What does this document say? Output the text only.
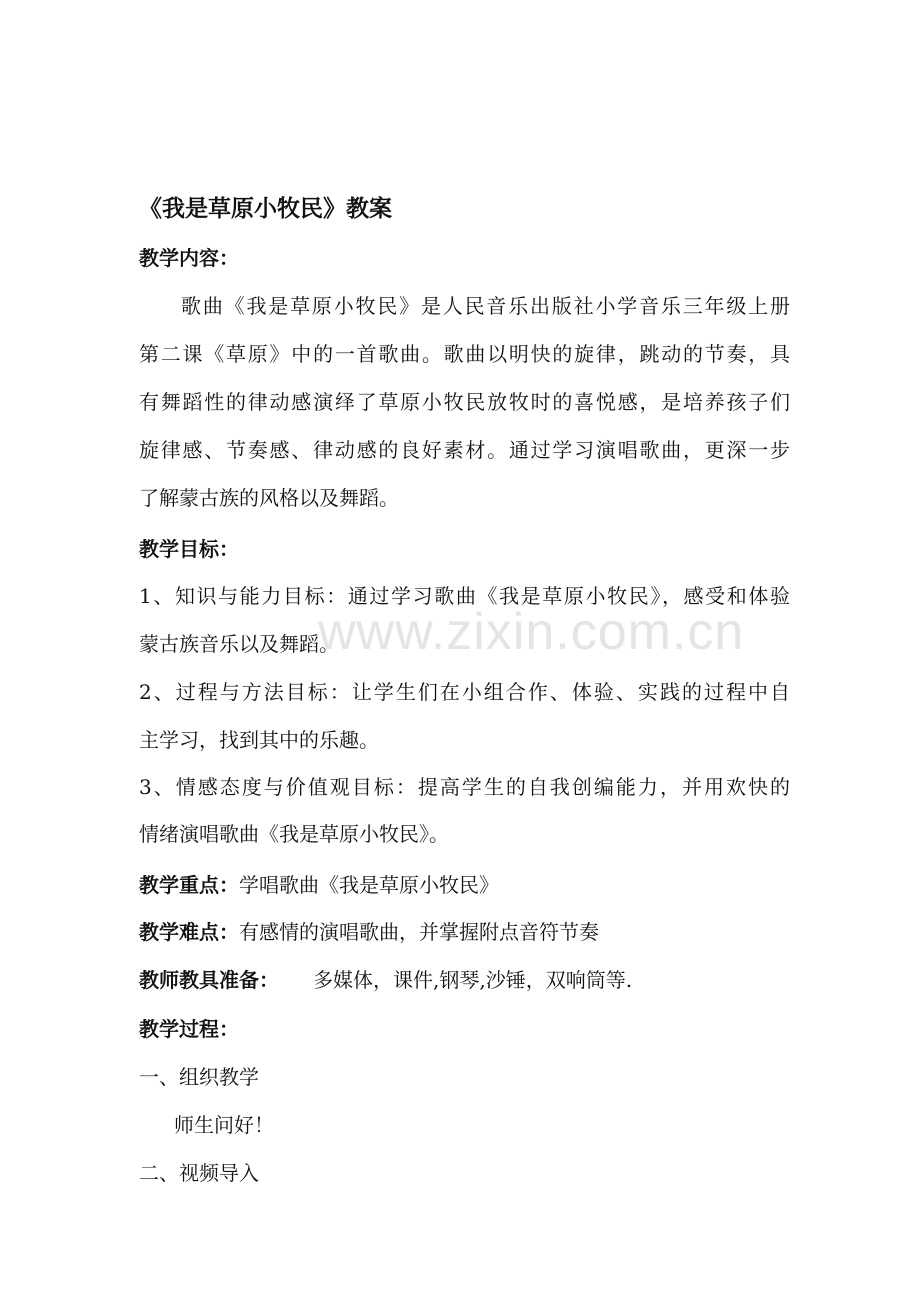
www.zixin.com.cn
《我是草原小牧民》教案
教学内容：
歌曲《我是草原小牧民》是人民音乐出版社小学音乐三年级上册
第二课《草原》中的一首歌曲。歌曲以明快的旋律，跳动的节奏，具
有舞蹈性的律动感演绎了草原小牧民放牧时的喜悦感，是培养孩子们
旋律感、节奏感、律动感的良好素材。通过学习演唱歌曲，更深一步
了解蒙古族的风格以及舞蹈。
教学目标：
1、知识与能力目标：通过学习歌曲《我是草原小牧民》，感受和体验
蒙古族音乐以及舞蹈。
2、过程与方法目标：让学生们在小组合作、体验、实践的过程中自
主学习，找到其中的乐趣。
3、情感态度与价值观目标：提高学生的自我创编能力，并用欢快的
情绪演唱歌曲《我是草原小牧民》。
教学重点：学唱歌曲《我是草原小牧民》
教学难点：有感情的演唱歌曲，并掌握附点音符节奏
教师教具准备： 多媒体，课件,钢琴,沙锤，双响筒等.
教学过程：
一、组织教学
师生问好！
二、视频导入
